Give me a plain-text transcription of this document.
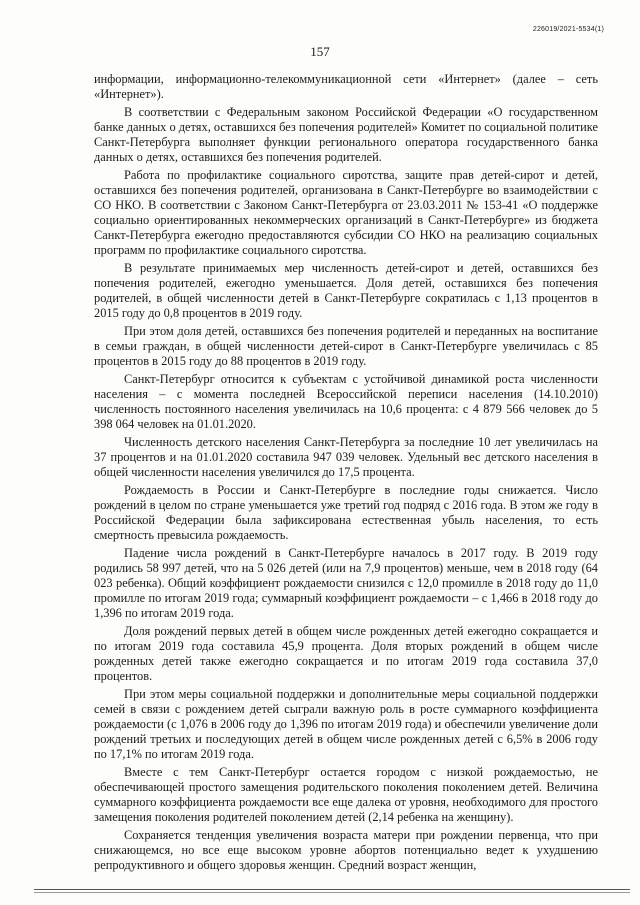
226019/2021-5534(1)
157

информации, информационно-телекоммуникационной сети «Интернет» (далее – сеть «Интернет»).

В соответствии с Федеральным законом Российской Федерации «О государственном банке данных о детях, оставшихся без попечения родителей» Комитет по социальной политике Санкт-Петербурга выполняет функции регионального оператора государственного банка данных о детях, оставшихся без попечения родителей.

Работа по профилактике социального сиротства, защите прав детей-сирот и детей, оставшихся без попечения родителей, организована в Санкт-Петербурге во взаимодействии с СО НКО. В соответствии с Законом Санкт-Петербурга от 23.03.2011 № 153-41 «О поддержке социально ориентированных некоммерческих организаций в Санкт-Петербурге» из бюджета Санкт-Петербурга ежегодно предоставляются субсидии СО НКО на реализацию социальных программ по профилактике социального сиротства.

В результате принимаемых мер численность детей-сирот и детей, оставшихся без попечения родителей, ежегодно уменьшается. Доля детей, оставшихся без попечения родителей, в общей численности детей в Санкт-Петербурге сократилась с 1,13 процентов в 2015 году до 0,8 процентов в 2019 году.

При этом доля детей, оставшихся без попечения родителей и переданных на воспитание в семьи граждан, в общей численности детей-сирот в Санкт-Петербурге увеличилась с 85 процентов в 2015 году до 88 процентов в 2019 году.

Санкт-Петербург относится к субъектам с устойчивой динамикой роста численности населения – с момента последней Всероссийской переписи населения (14.10.2010) численность постоянного населения увеличилась на 10,6 процента: с 4 879 566 человек до 5 398 064 человек на 01.01.2020.

Численность детского населения Санкт-Петербурга за последние 10 лет увеличилась на 37 процентов и на 01.01.2020 составила 947 039 человек. Удельный вес детского населения в общей численности населения увеличился до 17,5 процента.

Рождаемость в России и Санкт-Петербурге в последние годы снижается. Число рождений в целом по стране уменьшается уже третий год подряд с 2016 года. В этом же году в Российской Федерации была зафиксирована естественная убыль населения, то есть смертность превысила рождаемость.

Падение числа рождений в Санкт-Петербурге началось в 2017 году. В 2019 году родились 58 997 детей, что на 5 026 детей (или на 7,9 процентов) меньше, чем в 2018 году (64 023 ребенка). Общий коэффициент рождаемости снизился с 12,0 промилле в 2018 году до 11,0 промилле по итогам 2019 года; суммарный коэффициент рождаемости – с 1,466 в 2018 году до 1,396 по итогам 2019 года.

Доля рождений первых детей в общем числе рожденных детей ежегодно сокращается и по итогам 2019 года составила 45,9 процента. Доля вторых рождений в общем числе рожденных детей также ежегодно сокращается и по итогам 2019 года составила 37,0 процентов.

При этом меры социальной поддержки и дополнительные меры социальной поддержки семей в связи с рождением детей сыграли важную роль в росте суммарного коэффициента рождаемости (с 1,076 в 2006 году до 1,396 по итогам 2019 года) и обеспечили увеличение доли рождений третьих и последующих детей в общем числе рожденных детей с 6,5% в 2006 году по 17,1% по итогам 2019 года.

Вместе с тем Санкт-Петербург остается городом с низкой рождаемостью, не обеспечивающей простого замещения родительского поколения поколением детей. Величина суммарного коэффициента рождаемости все еще далека от уровня, необходимого для простого замещения поколения родителей поколением детей (2,14 ребенка на женщину).

Сохраняется тенденция увеличения возраста матери при рождении первенца, что при снижающемся, но все еще высоком уровне абортов потенциально ведет к ухудшению репродуктивного и общего здоровья женщин. Средний возраст женщин,
